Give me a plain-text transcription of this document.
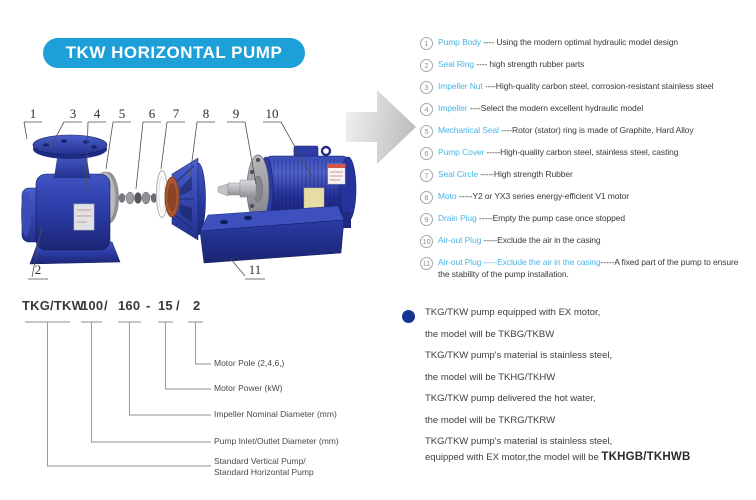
TKW HORIZONTAL PUMP
1	3 4 5 6 7 8 9 10
2	11
1	Pump Body ---- Using the modern optimal hydraulic model design
2	Seal Ring ---- high strength rubber parts
3	Impeller Nut ----High-quality carbon steel, corrosion-resistant stainless steel
4	Impeller ----Select the modern excellent hydraulic model
5	Mechanical Seal ----Rotor (stator) ring is made of Graphite, Hard Alloy
6	Pump Cover -----High-quality carbon steel, stainless steel, casting
7	Seal Circle -----High strength Rubber
8	Moto -----Y2 or YX3 series energy-efficient V1 motor
9	Drain Plug -----Empty the pump case once stopped
10 Air-out Plug -----Exclude the air in the casing
11 Air-out Plug -----Exclude the air in the casing-----A fixed part of the pump to ensure the stability of the pump installation.
TKG/TKW
100 / 160 - 15 / 2
Motor Pole (2,4,6,)
Motor Power (kW)
Impeller Nominal Diameter (mm)
Pump Inlet/Outlet Diameter (mm)
Standard Vertical Pump/
Standard Horizontal Pump
TKG/TKW pump equipped with EX motor,
the model will be TKBG/TKBW
TKG/TKW pump's material is stainless steel,
the model will be TKHG/TKHW
TKG/TKW pump delivered the hot water,
the model will be TKRG/TKRW
TKG/TKW pump's material is stainless steel,
equipped with EX motor,the model will be TKHGB/TKHWB
